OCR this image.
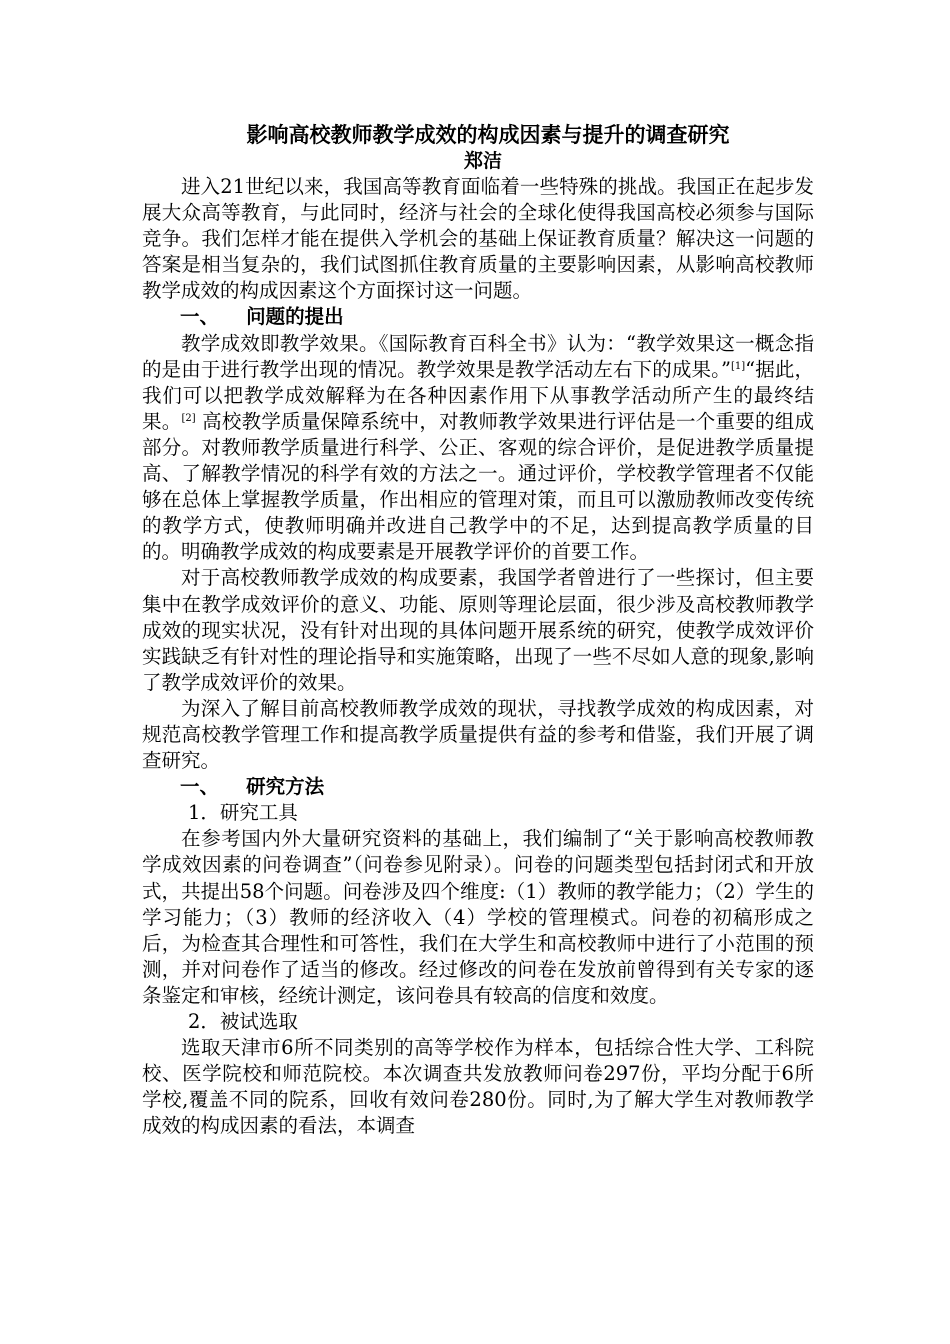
影响高校教师教学成效的构成因素与提升的调查研究
郑洁

进入21世纪以来，我国高等教育面临着一些特殊的挑战。我国正在起步发展大众高等教育，与此同时，经济与社会的全球化使得我国高校必须参与国际竞争。我们怎样才能在提供入学机会的基础上保证教育质量？解决这一问题的答案是相当复杂的，我们试图抓住教育质量的主要影响因素，从影响高校教师教学成效的构成因素这个方面探讨这一问题。

一、 问题的提出

教学成效即教学效果。《国际教育百科全书》认为：“教学效果这一概念指的是由于进行教学出现的情况。教学效果是教学活动左右下的成果。”[1]“据此，我们可以把教学成效解释为在各种因素作用下从事教学活动所产生的最终结果。[2] 高校教学质量保障系统中，对教师教学效果进行评估是一个重要的组成部分。对教师教学质量进行科学、公正、客观的综合评价，是促进教学质量提高、了解教学情况的科学有效的方法之一。通过评价，学校教学管理者不仅能够在总体上掌握教学质量，作出相应的管理对策，而且可以激励教师改变传统的教学方式，使教师明确并改进自己教学中的不足，达到提高教学质量的目的。明确教学成效的构成要素是开展教学评价的首要工作。

对于高校教师教学成效的构成要素，我国学者曾进行了一些探讨，但主要集中在教学成效评价的意义、功能、原则等理论层面，很少涉及高校教师教学成效的现实状况，没有针对出现的具体问题开展系统的研究，使教学成效评价实践缺乏有针对性的理论指导和实施策略，出现了一些不尽如人意的现象,影响了教学成效评价的效果。

为深入了解目前高校教师教学成效的现状，寻找教学成效的构成因素，对规范高校教学管理工作和提高教学质量提供有益的参考和借鉴，我们开展了调查研究。

一、 研究方法
1．研究工具

在参考国内外大量研究资料的基础上，我们编制了“关于影响高校教师教学成效因素的问卷调查”（问卷参见附录）。问卷的问题类型包括封闭式和开放式，共提出58个问题。问卷涉及四个维度:（1）教师的教学能力；（2）学生的学习能力；（3）教师的经济收入（4）学校的管理模式。问卷的初稿形成之后，为检查其合理性和可答性，我们在大学生和高校教师中进行了小范围的预测，并对问卷作了适当的修改。经过修改的问卷在发放前曾得到有关专家的逐条鉴定和审核，经统计测定，该问卷具有较高的信度和效度。

2．被试选取

选取天津市6所不同类别的高等学校作为样本，包括综合性大学、工科院校、医学院校和师范院校。本次调查共发放教师问卷297份，平均分配于6所学校,覆盖不同的院系，回收有效问卷280份。同时,为了解大学生对教师教学成效的构成因素的看法，本调查
